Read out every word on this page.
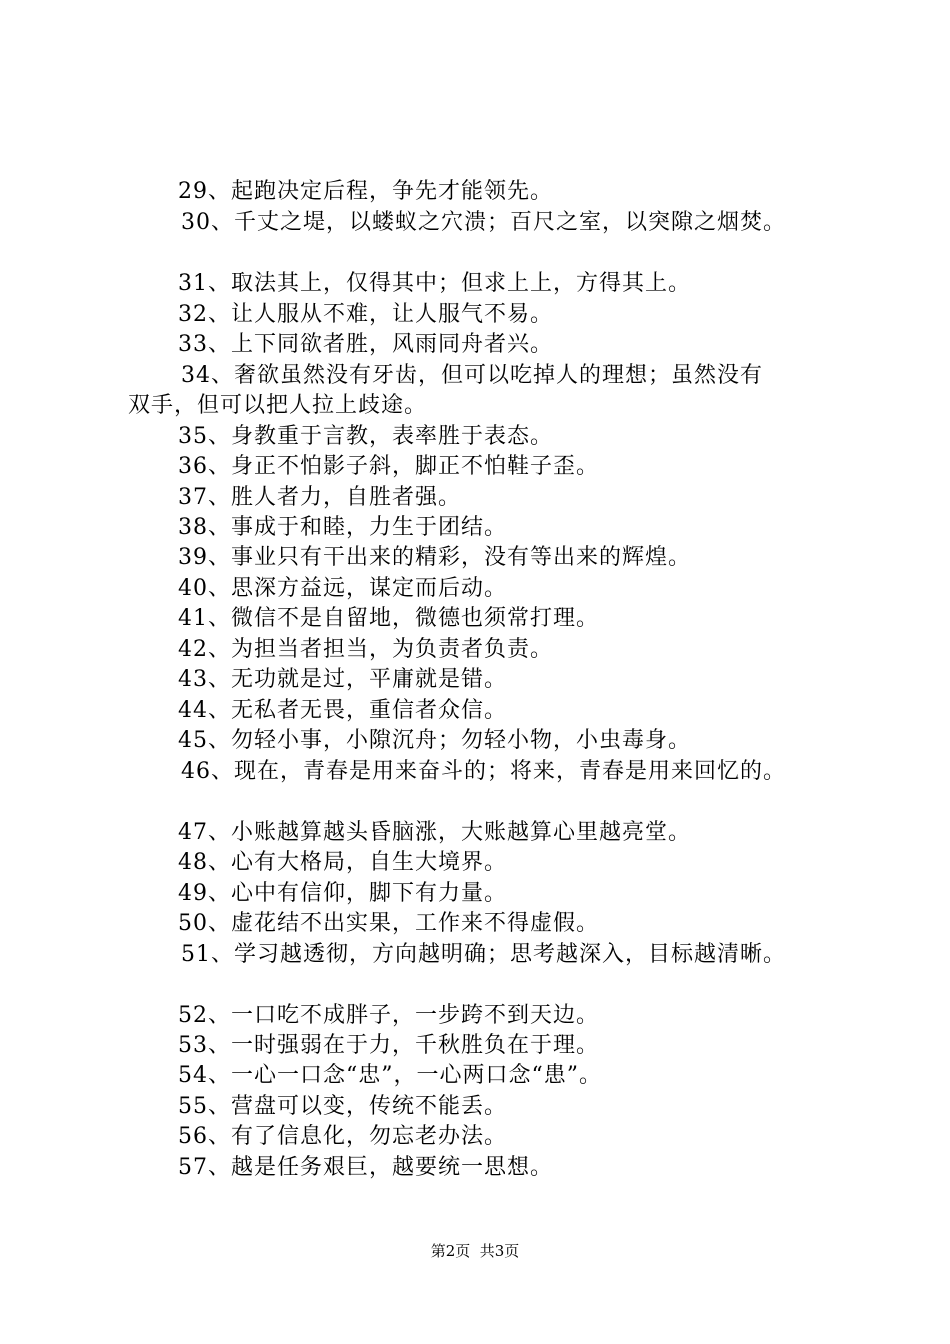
29、起跑决定后程，争先才能领先。
30、千丈之堤，以蝼蚁之穴溃；百尺之室，以突隙之烟焚。
31、取法其上，仅得其中；但求上上，方得其上。
32、让人服从不难，让人服气不易。
33、上下同欲者胜，风雨同舟者兴。
34、奢欲虽然没有牙齿，但可以吃掉人的理想；虽然没有
双手，但可以把人拉上歧途。
35、身教重于言教，表率胜于表态。
36、身正不怕影子斜，脚正不怕鞋子歪。
37、胜人者力，自胜者强。
38、事成于和睦，力生于团结。
39、事业只有干出来的精彩，没有等出来的辉煌。
40、思深方益远，谋定而后动。
41、微信不是自留地，微德也须常打理。
42、为担当者担当，为负责者负责。
43、无功就是过，平庸就是错。
44、无私者无畏，重信者众信。
45、勿轻小事，小隙沉舟；勿轻小物，小虫毒身。
46、现在，青春是用来奋斗的；将来，青春是用来回忆的。
47、小账越算越头昏脑涨，大账越算心里越亮堂。
48、心有大格局，自生大境界。
49、心中有信仰，脚下有力量。
50、虚花结不出实果，工作来不得虚假。
51、学习越透彻，方向越明确；思考越深入，目标越清晰。
52、一口吃不成胖子，一步跨不到天边。
53、一时强弱在于力，千秋胜负在于理。
54、一心一口念“忠”，一心两口念“患”。
55、营盘可以变，传统不能丢。
56、有了信息化，勿忘老办法。
57、越是任务艰巨，越要统一思想。
第2页  共3页
